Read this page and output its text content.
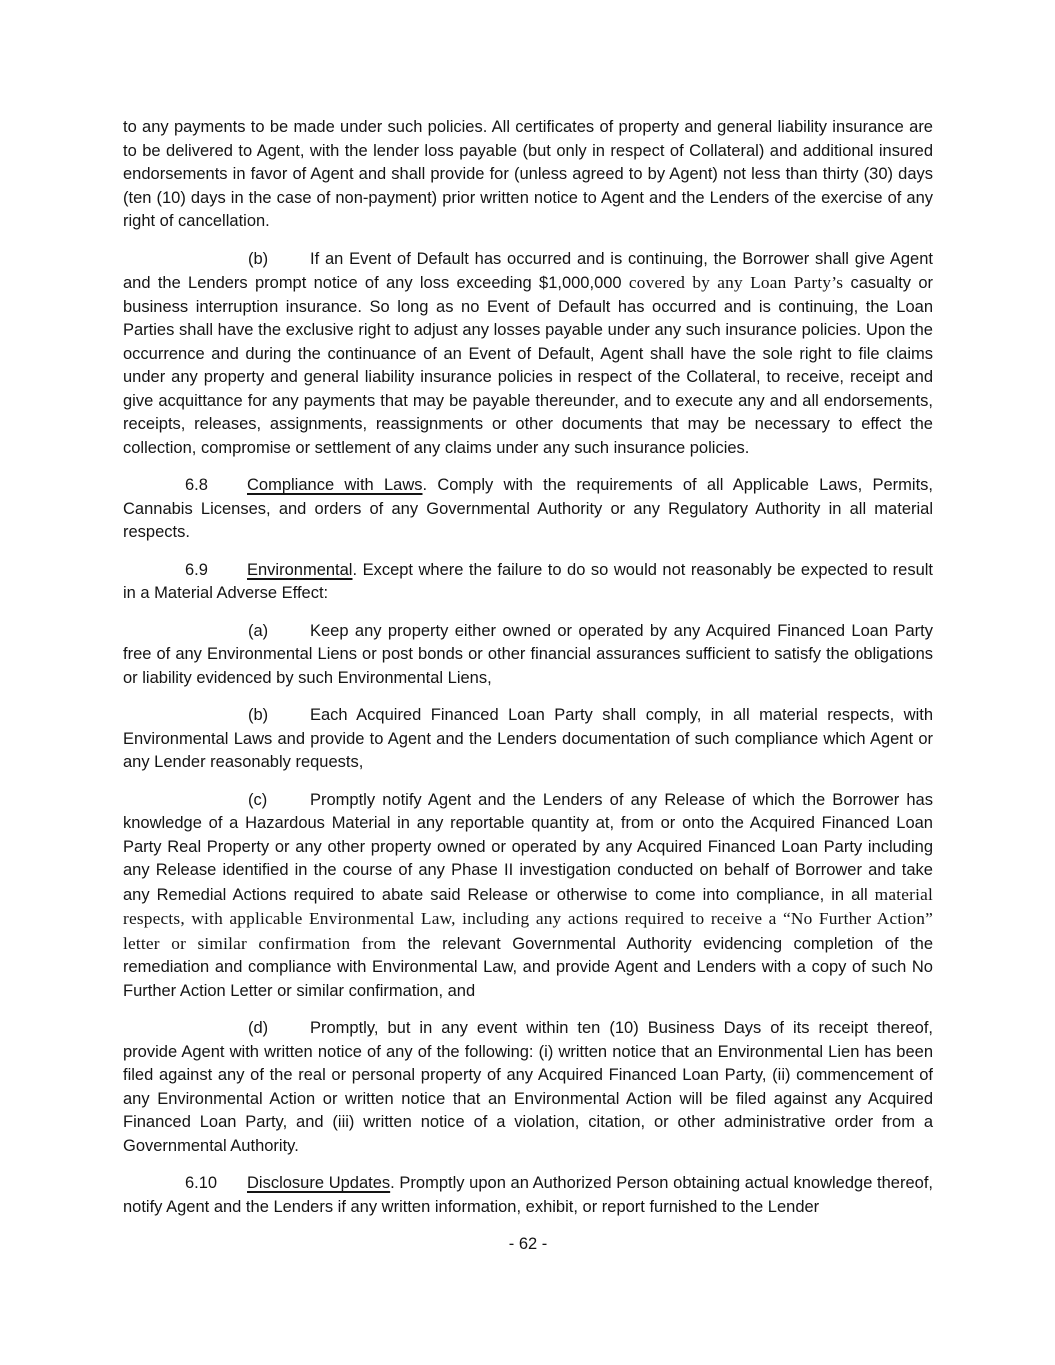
to any payments to be made under such policies. All certificates of property and general liability insurance are to be delivered to Agent, with the lender loss payable (but only in respect of Collateral) and additional insured endorsements in favor of Agent and shall provide for (unless agreed to by Agent) not less than thirty (30) days (ten (10) days in the case of non-payment) prior written notice to Agent and the Lenders of the exercise of any right of cancellation.

(b)	If an Event of Default has occurred and is continuing, the Borrower shall give Agent and the Lenders prompt notice of any loss exceeding $1,000,000 covered by any Loan Party’s casualty or business interruption insurance. So long as no Event of Default has occurred and is continuing, the Loan Parties shall have the exclusive right to adjust any losses payable under any such insurance policies. Upon the occurrence and during the continuance of an Event of Default, Agent shall have the sole right to file claims under any property and general liability insurance policies in respect of the Collateral, to receive, receipt and give acquittance for any payments that may be payable thereunder, and to execute any and all endorsements, receipts, releases, assignments, reassignments or other documents that may be necessary to effect the collection, compromise or settlement of any claims under any such insurance policies.

6.8 Compliance with Laws. Comply with the requirements of all Applicable Laws, Permits, Cannabis Licenses, and orders of any Governmental Authority or any Regulatory Authority in all material respects.

6.9 Environmental. Except where the failure to do so would not reasonably be expected to result in a Material Adverse Effect:

(a)	Keep any property either owned or operated by any Acquired Financed Loan Party free of any Environmental Liens or post bonds or other financial assurances sufficient to satisfy the obligations or liability evidenced by such Environmental Liens,

(b)	Each Acquired Financed Loan Party shall comply, in all material respects, with Environmental Laws and provide to Agent and the Lenders documentation of such compliance which Agent or any Lender reasonably requests,

(c)	Promptly notify Agent and the Lenders of any Release of which the Borrower has knowledge of a Hazardous Material in any reportable quantity at, from or onto the Acquired Financed Loan Party Real Property or any other property owned or operated by any Acquired Financed Loan Party including any Release identified in the course of any Phase II investigation conducted on behalf of Borrower and take any Remedial Actions required to abate said Release or otherwise to come into compliance, in all material respects, with applicable Environmental Law, including any actions required to receive a “No Further Action” letter or similar confirmation from the relevant Governmental Authority evidencing completion of the remediation and compliance with Environmental Law, and provide Agent and Lenders with a copy of such No Further Action Letter or similar confirmation, and

(d)	Promptly, but in any event within ten (10) Business Days of its receipt thereof, provide Agent with written notice of any of the following: (i) written notice that an Environmental Lien has been filed against any of the real or personal property of any Acquired Financed Loan Party, (ii) commencement of any Environmental Action or written notice that an Environmental Action will be filed against any Acquired Financed Loan Party, and (iii) written notice of a violation, citation, or other administrative order from a Governmental Authority.

6.10 Disclosure Updates. Promptly upon an Authorized Person obtaining actual knowledge thereof, notify Agent and the Lenders if any written information, exhibit, or report furnished to the Lender

- 62 -
